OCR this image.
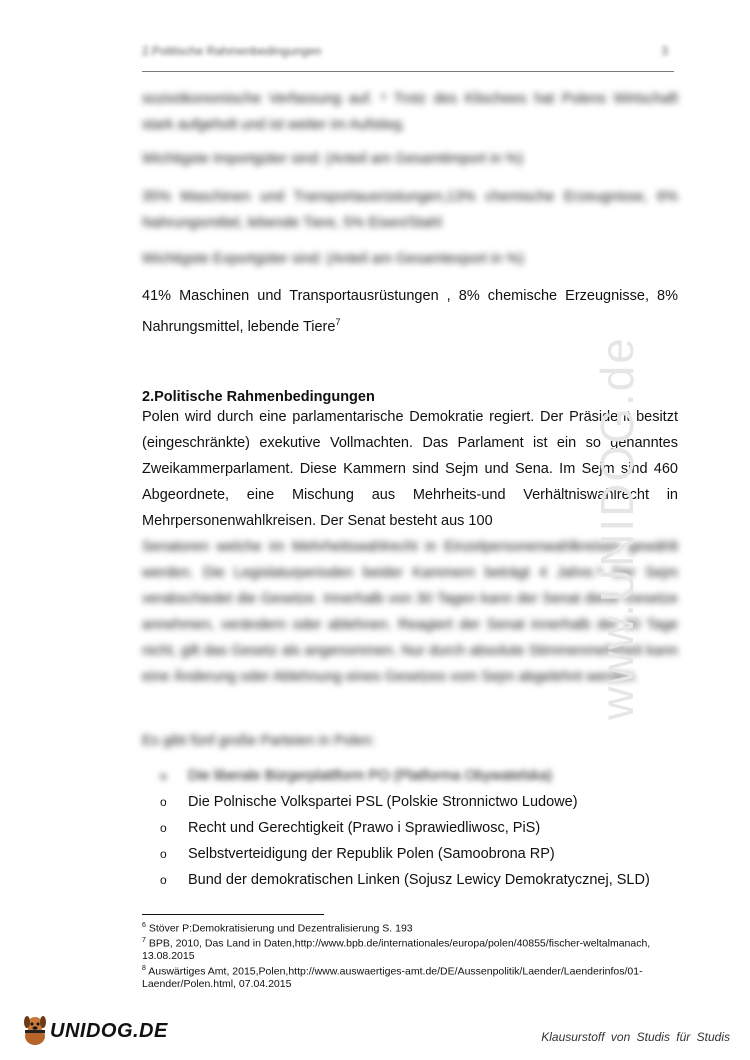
2.Politische Rahmenbedingungen	3
sozioökonomische Verfassung auf. ⁶ Trotz des Klischees hat Polens Wirtschaft stark aufgeholt und ist weiter im Aufstieg.
Wichtigste Importgüter sind: (Anteil am Gesamtimport in %)
35% Maschinen und Transportausrüstungen,13% chemische Erzeugnisse, 6% Nahrungsmittel, lebende Tiere, 5% Eisen/Stahl
Wichtigste Exportgüter sind: (Anteil am Gesamtexport in %)
41% Maschinen und Transportausrüstungen , 8% chemische Erzeugnisse, 8% Nahrungsmittel, lebende Tiere$^7$
2.Politische Rahmenbedingungen
Polen wird durch eine parlamentarische Demokratie regiert. Der Präsident besitzt (eingeschränkte) exekutive Vollmachten. Das Parlament ist ein so genanntes Zweikammerparlament. Diese Kammern sind Sejm und Sena. Im Sejm sind 460 Abgeordnete, eine Mischung aus Mehrheits-und Verhältniswahlrecht in Mehrpersonenwahlkreisen. Der Senat besteht aus 100
Senatoren welche im Mehrheitswahlrecht in Einzelpersonenwahlkreisen gewählt werden. Die Legislaturperioden beider Kammern beträgt 4 Jahre.⁸ Der Sejm verabschiedet die Gesetze. Innerhalb von 30 Tagen kann der Senat diese Gesetze annehmen, verändern oder ablehnen. Reagiert der Senat innerhalb der 30 Tage nicht, gilt das Gesetz als angenommen. Nur durch absolute Stimmenmehrheit kann eine Änderung oder Ablehnung eines Gesetzes vom Sejm abgelehnt werden.
Es gibt fünf große Parteien in Polen:
o Die liberale Bürgerplattform PO (Platforma Obywatelska)
o Die Polnische Volkspartei PSL (Polskie Stronnictwo Ludowe)
o Recht und Gerechtigkeit (Prawo i Sprawiedliwosc, PiS)
o Selbstverteidigung der Republik Polen (Samoobrona RP)
o Bund der demokratischen Linken (Sojusz Lewicy Demokratycznej, SLD)
www.UNIDOG.de
$^6$ Stöver P:Demokratisierung und Dezentralisierung S. 193
$^7$ BPB, 2010, Das Land in Daten,http://www.bpb.de/internationales/europa/polen/40855/fischer-weltalmanach, 13.08.2015
$^8$ Auswärtiges Amt, 2015,Polen,http://www.auswaertiges-amt.de/DE/Aussenpolitik/Laender/Laenderinfos/01-Laender/Polen.html, 07.04.2015
UNIDOG.DE	Klausurstoff von Studis für Studis
